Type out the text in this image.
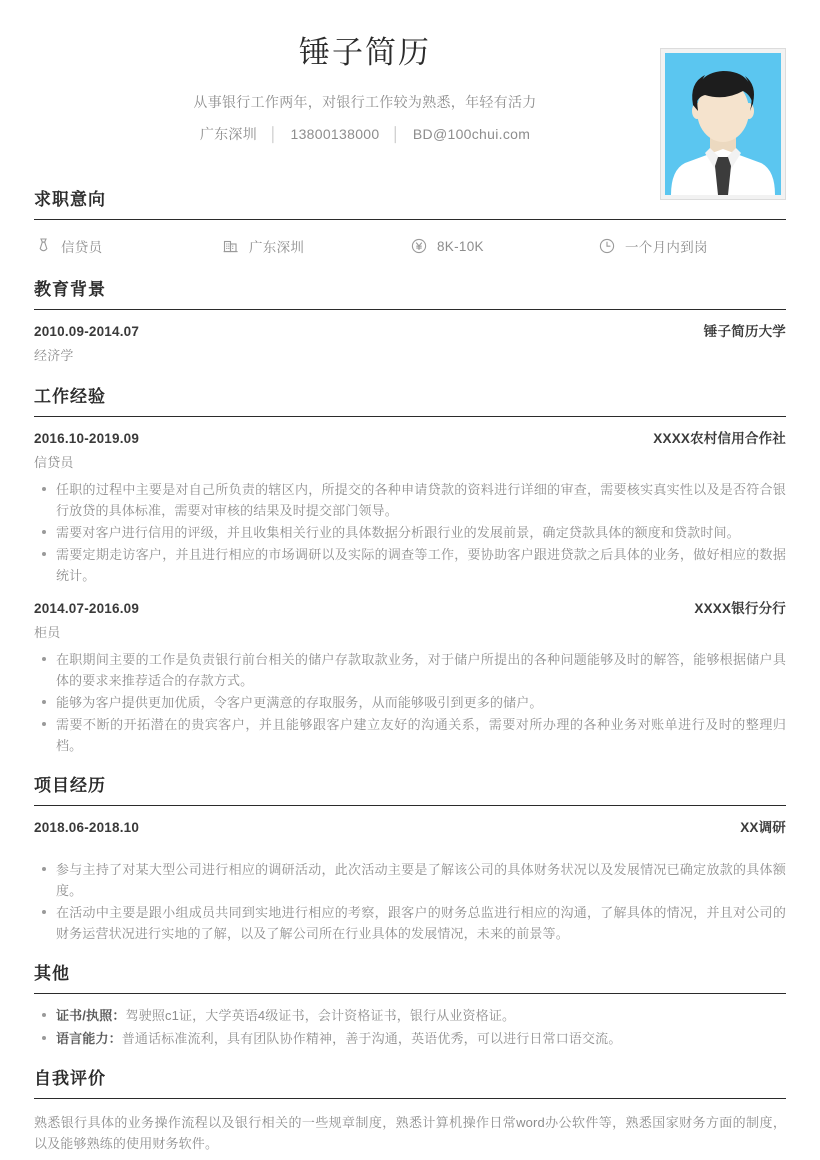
锤子简历
从事银行工作两年，对银行工作较为熟悉，年轻有活力
广东深圳 │ 13800138000 │ BD@100chui.com
求职意向
信贷员	广东深圳	8K-10K	一个月内到岗
教育背景
2010.09-2014.07	锤子简历大学
经济学
工作经验
2016.10-2019.09	XXXX农村信用合作社
信贷员
任职的过程中主要是对自己所负责的辖区内，所提交的各种申请贷款的资料进行详细的审查，需要核实真实性以及是否符合银行放贷的具体标准，需要对审核的结果及时提交部门领导。
需要对客户进行信用的评级，并且收集相关行业的具体数据分析跟行业的发展前景，确定贷款具体的额度和贷款时间。
需要定期走访客户，并且进行相应的市场调研以及实际的调查等工作，要协助客户跟进贷款之后具体的业务，做好相应的数据统计。
2014.07-2016.09	XXXX银行分行
柜员
在职期间主要的工作是负责银行前台相关的储户存款取款业务，对于储户所提出的各种问题能够及时的解答，能够根据储户具体的要求来推荐适合的存款方式。
能够为客户提供更加优质，令客户更满意的存取服务，从而能够吸引到更多的储户。
需要不断的开拓潜在的贵宾客户，并且能够跟客户建立友好的沟通关系，需要对所办理的各种业务对账单进行及时的整理归档。
项目经历
2018.06-2018.10	XX调研
参与主持了对某大型公司进行相应的调研活动，此次活动主要是了解该公司的具体财务状况以及发展情况已确定放款的具体额度。
在活动中主要是跟小组成员共同到实地进行相应的考察，跟客户的财务总监进行相应的沟通，了解具体的情况，并且对公司的财务运营状况进行实地的了解，以及了解公司所在行业具体的发展情况，未来的前景等。
其他
证书/执照：驾驶照c1证，大学英语4级证书，会计资格证书，银行从业资格证。
语言能力：普通话标准流利，具有团队协作精神，善于沟通，英语优秀，可以进行日常口语交流。
自我评价
熟悉银行具体的业务操作流程以及银行相关的一些规章制度，熟悉计算机操作日常word办公软件等，熟悉国家财务方面的制度，以及能够熟练的使用财务软件。
